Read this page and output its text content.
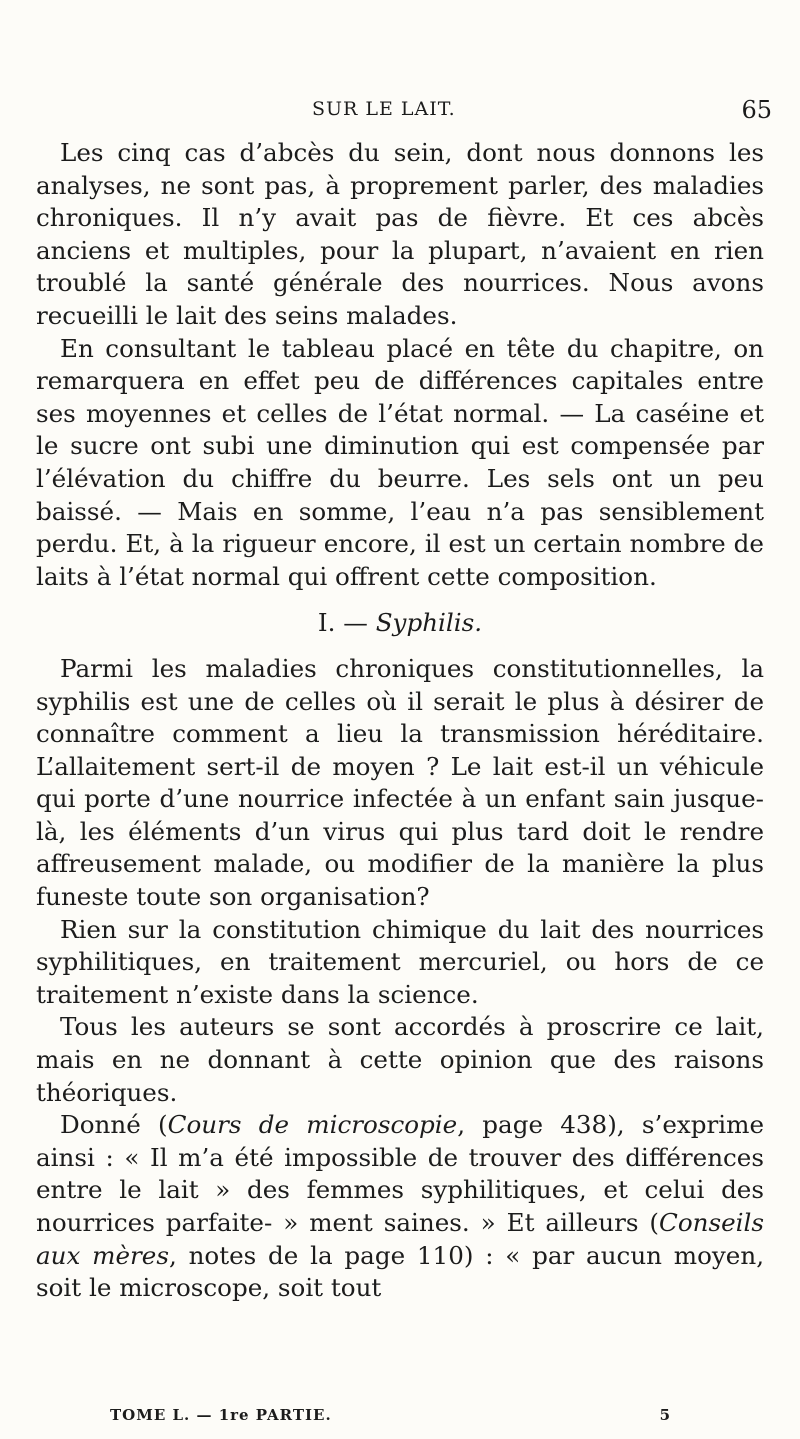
SUR LE LAIT.	65

Les cinq cas d’abcès du sein, dont nous donnons les analyses, ne sont pas, à proprement parler, des maladies chroniques. Il n’y avait pas de fièvre. Et ces abcès anciens et multiples, pour la plupart, n’avaient en rien troublé la santé générale des nourrices. Nous avons recueilli le lait des seins malades.

En consultant le tableau placé en tête du chapitre, on remarquera en effet peu de différences capitales entre ses moyennes et celles de l’état normal. — La caséine et le sucre ont subi une diminution qui est compensée par l’élévation du chiffre du beurre. Les sels ont un peu baissé. — Mais en somme, l’eau n’a pas sensiblement perdu. Et, à la rigueur encore, il est un certain nombre de laits à l’état normal qui offrent cette composition.

I. — Syphilis.

Parmi les maladies chroniques constitutionnelles, la syphilis est une de celles où il serait le plus à désirer de connaître comment a lieu la transmission héréditaire. L’allaitement sert-il de moyen ? Le lait est-il un véhicule qui porte d’une nourrice infectée à un enfant sain jusque-là, les éléments d’un virus qui plus tard doit le rendre affreusement malade, ou modifier de la manière la plus funeste toute son organisation?

Rien sur la constitution chimique du lait des nourrices syphilitiques, en traitement mercuriel, ou hors de ce traitement n’existe dans la science.

Tous les auteurs se sont accordés à proscrire ce lait, mais en ne donnant à cette opinion que des raisons théoriques.

Donné (Cours de microscopie, page 438), s’exprime ainsi : « Il m’a été impossible de trouver des différences entre le lait » des femmes syphilitiques, et celui des nourrices parfaite- » ment saines. » Et ailleurs (Conseils aux mères, notes de la page 110) : « par aucun moyen, soit le microscope, soit tout

TOME L. — 1re PARTIE.	5
